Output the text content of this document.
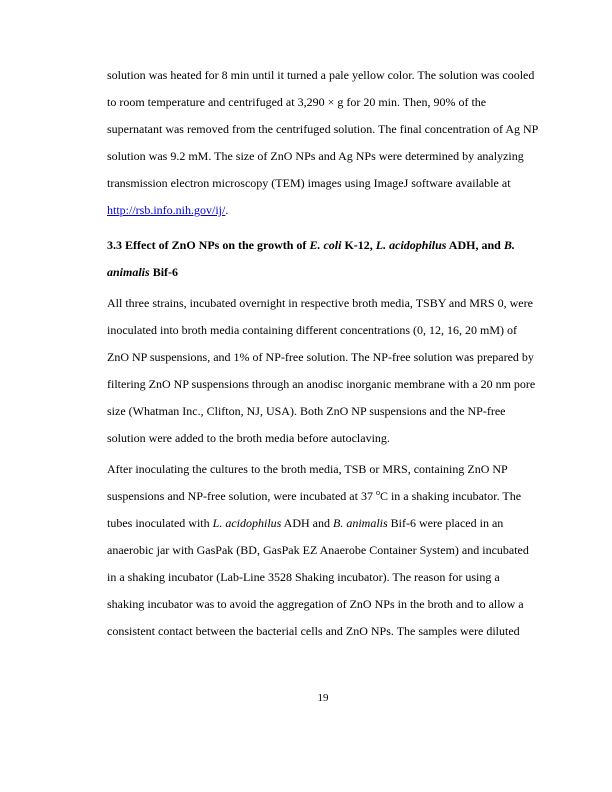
solution was heated for 8 min until it turned a pale yellow color. The solution was cooled to room temperature and centrifuged at 3,290 × g for 20 min. Then, 90% of the supernatant was removed from the centrifuged solution. The final concentration of Ag NP solution was 9.2 mM. The size of ZnO NPs and Ag NPs were determined by analyzing transmission electron microscopy (TEM) images using ImageJ software available at http://rsb.info.nih.gov/ij/.

3.3 Effect of ZnO NPs on the growth of E. coli K-12, L. acidophilus ADH, and B. animalis Bif-6

All three strains, incubated overnight in respective broth media, TSBY and MRS 0, were inoculated into broth media containing different concentrations (0, 12, 16, 20 mM) of ZnO NP suspensions, and 1% of NP-free solution. The NP-free solution was prepared by filtering ZnO NP suspensions through an anodisc inorganic membrane with a 20 nm pore size (Whatman Inc., Clifton, NJ, USA). Both ZnO NP suspensions and the NP-free solution were added to the broth media before autoclaving.

After inoculating the cultures to the broth media, TSB or MRS, containing ZnO NP suspensions and NP-free solution, were incubated at 37 $^o$C in a shaking incubator. The tubes inoculated with L. acidophilus ADH and B. animalis Bif-6 were placed in an anaerobic jar with GasPak (BD, GasPak EZ Anaerobe Container System) and incubated in a shaking incubator (Lab-Line 3528 Shaking incubator). The reason for using a shaking incubator was to avoid the aggregation of ZnO NPs in the broth and to allow a consistent contact between the bacterial cells and ZnO NPs. The samples were diluted

19
